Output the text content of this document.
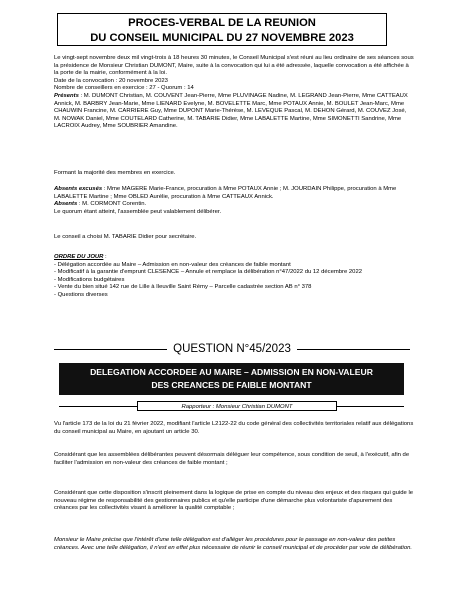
PROCES-VERBAL DE LA REUNION
DU CONSEIL MUNICIPAL DU 27 NOVEMBRE 2023

Le vingt-sept novembre deux mil vingt-trois à 18 heures 30 minutes, le Conseil Municipal s'est réuni au lieu ordinaire de ses séances sous la présidence de Monsieur Christian DUMONT, Maire, suite à la convocation qui lui a été adressée, laquelle convocation a été affichée à la porte de la mairie, conformément à la loi.

Date de la convocation : 20 novembre 2023

Nombre de conseillers en exercice : 27 - Quorum : 14

Présents : M. DUMONT Christian, M. COUVENT Jean-Pierre, Mme PLUVINAGE Nadine, M. LEGRAND Jean-Pierre, Mme CATTEAUX Annick, M. BARBRY Jean-Marie, Mme LIENARD Evelyne, M. BOVELETTE Marc, Mme POTAUX Annie, M. BOULET Jean-Marc, Mme CHAUWIN Francine, M. CARRIERE Guy, Mme DUPONT Marie-Thérèse, M. LEVEQUE Pascal, M. DEHON Gérard, M. COUVEZ José, M. NOWAK Daniel, Mme COUTELARD Catherine, M. TABARIE Didier, Mme LABALETTE Martine, Mme SIMONETTI Sandrine, Mme LACROIX Audrey, Mme SOUBRIER Amandine.

Formant la majorité des membres en exercice.

Absents excusés : Mme MAGERE Marie-France, procuration à Mme POTAUX Annie ; M. JOURDAIN Philippe, procuration à Mme LABALETTE Martine ; Mme OBLED Aurélie, procuration à Mme CATTEAUX Annick.

Absents : M. CORMONT Corentin.

Le quorum étant atteint, l'assemblée peut valablement délibérer.

Le conseil a choisi M. TABARIE Didier pour secrétaire.

ORDRE DU JOUR :

- Délégation accordée au Maire – Admission en non-valeur des créances de faible montant

- Modificatif à la garantie d'emprunt CLESENCE – Annule et remplace la délibération n°47/2022 du 12 décembre 2022

- Modifications budgétaires

- Vente du bien situé 142 rue de Lille à Ileuville Saint Rémy – Parcelle cadastrée section AB n° 378

- Questions diverses

QUESTION N°45/2023
DELEGATION ACCORDEE AU MAIRE – ADMISSION EN NON-VALEUR
DES CREANCES DE FAIBLE MONTANT
Rapporteur : Monsieur Christian DUMONT

Vu l'article 173 de la loi du 21 février 2022, modifiant l'article L2122-22 du code général des collectivités territoriales relatif aux délégations du conseil municipal au Maire, en ajoutant un article 30.

Considérant que les assemblées délibérantes peuvent désormais déléguer leur compétence, sous condition de seuil, à l'exécutif, afin de faciliter l'admission en non-valeur des créances de faible montant ;

Considérant que cette disposition s'inscrit pleinement dans la logique de prise en compte du niveau des enjeux et des risques qui guide le nouveau régime de responsabilité des gestionnaires publics et qu'elle participe d'une démarche plus volontariste d'apurement des créances par les collectivités visant à améliorer la qualité comptable ;

Monsieur le Maire précise que l'intérêt d'une telle délégation est d'alléger les procédures pour le passage en non-valeur des petites créances. Avec une telle délégation, il n'est en effet plus nécessaire de réunir le conseil municipal et de procéder par voie de délibération.
